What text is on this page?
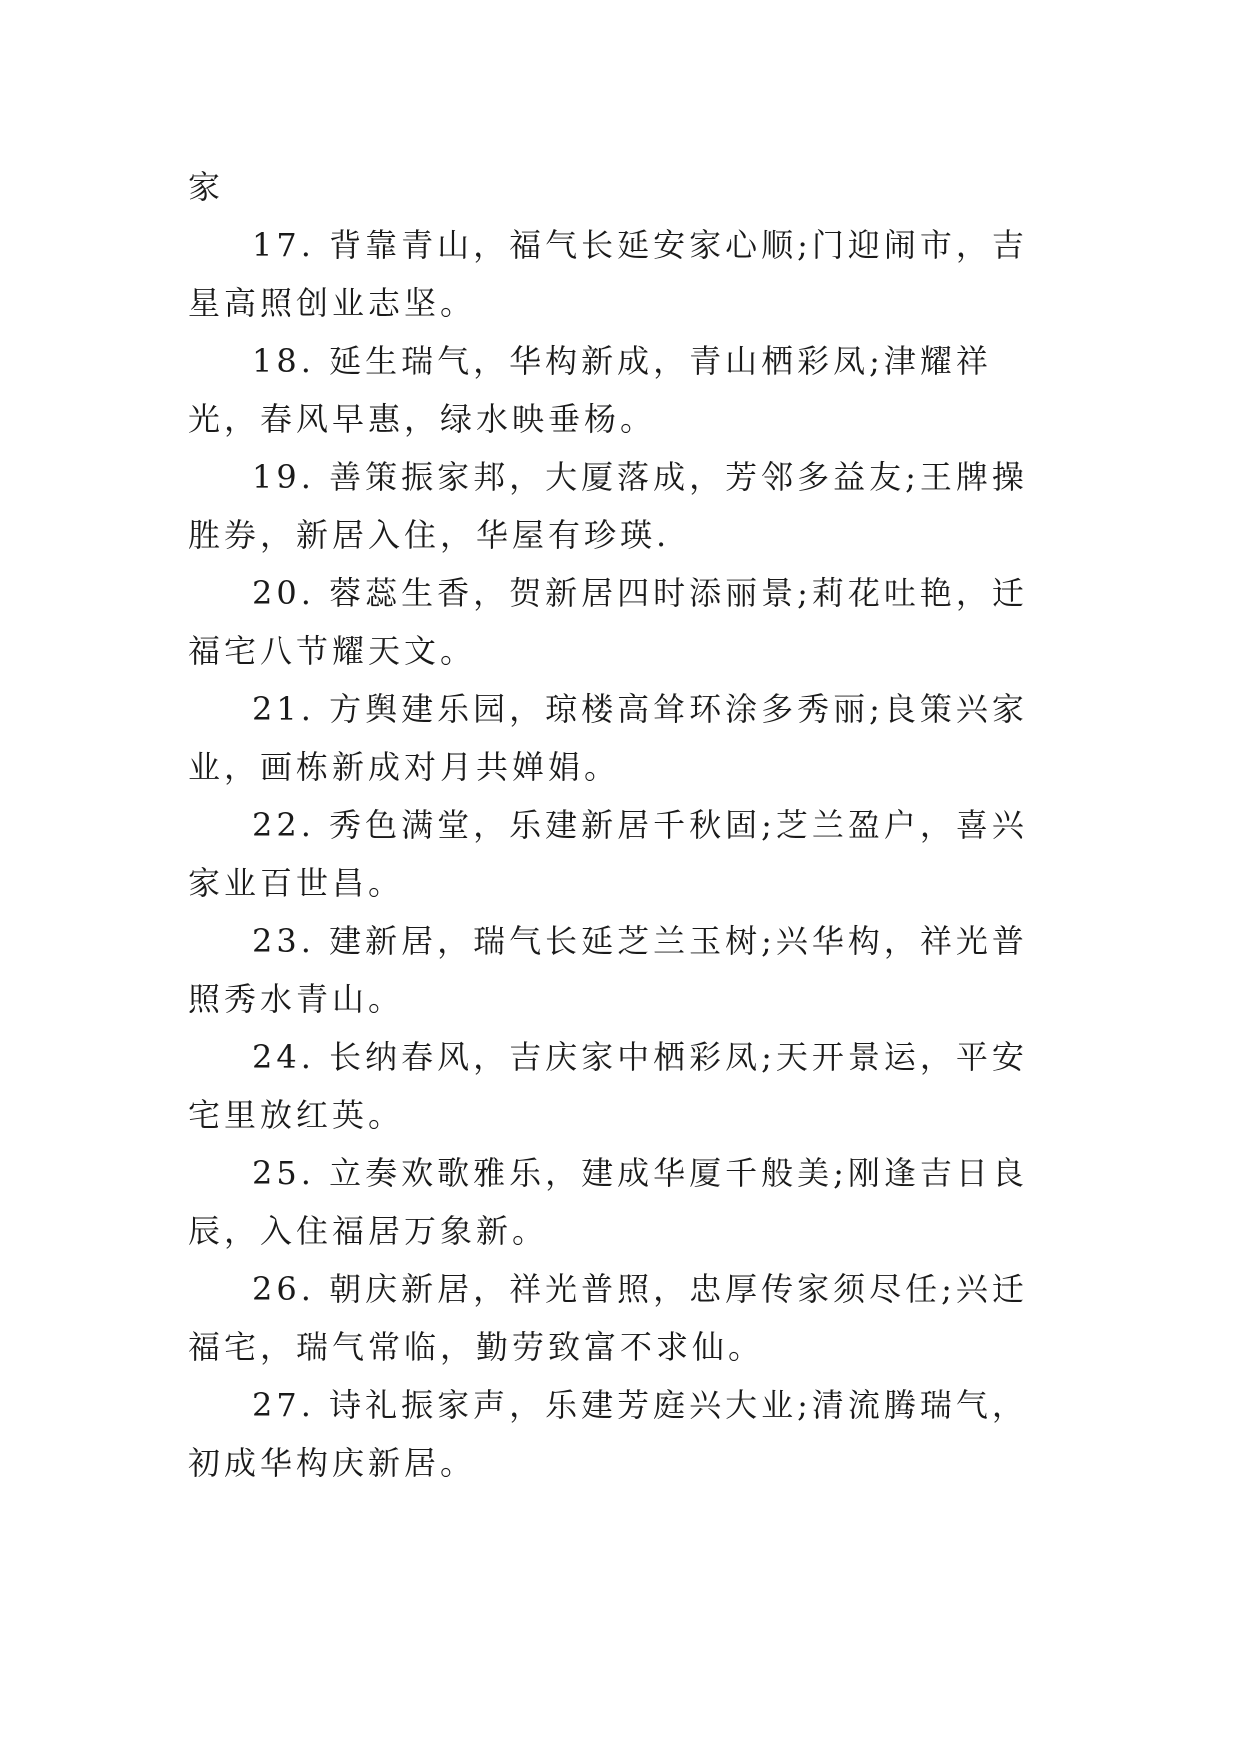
家

17. 背靠青山，福气长延安家心顺;门迎闹市，吉星高照创业志坚。

18. 延生瑞气，华构新成，青山栖彩凤;津耀祥光，春风早惠，绿水映垂杨。

19. 善策振家邦，大厦落成，芳邻多益友;王牌操胜券，新居入住，华屋有珍瑛.

20. 蓉蕊生香，贺新居四时添丽景;莉花吐艳，迁福宅八节耀天文。

21. 方舆建乐园，琼楼高耸环涂多秀丽;良策兴家业，画栋新成对月共婵娟。

22. 秀色满堂，乐建新居千秋固;芝兰盈户，喜兴家业百世昌。

23. 建新居，瑞气长延芝兰玉树;兴华构，祥光普照秀水青山。

24. 长纳春风，吉庆家中栖彩凤;天开景运，平安宅里放红英。

25. 立奏欢歌雅乐，建成华厦千般美;刚逢吉日良辰，入住福居万象新。

26. 朝庆新居，祥光普照，忠厚传家须尽任;兴迁福宅，瑞气常临，勤劳致富不求仙。

27. 诗礼振家声，乐建芳庭兴大业;清流腾瑞气，初成华构庆新居。
